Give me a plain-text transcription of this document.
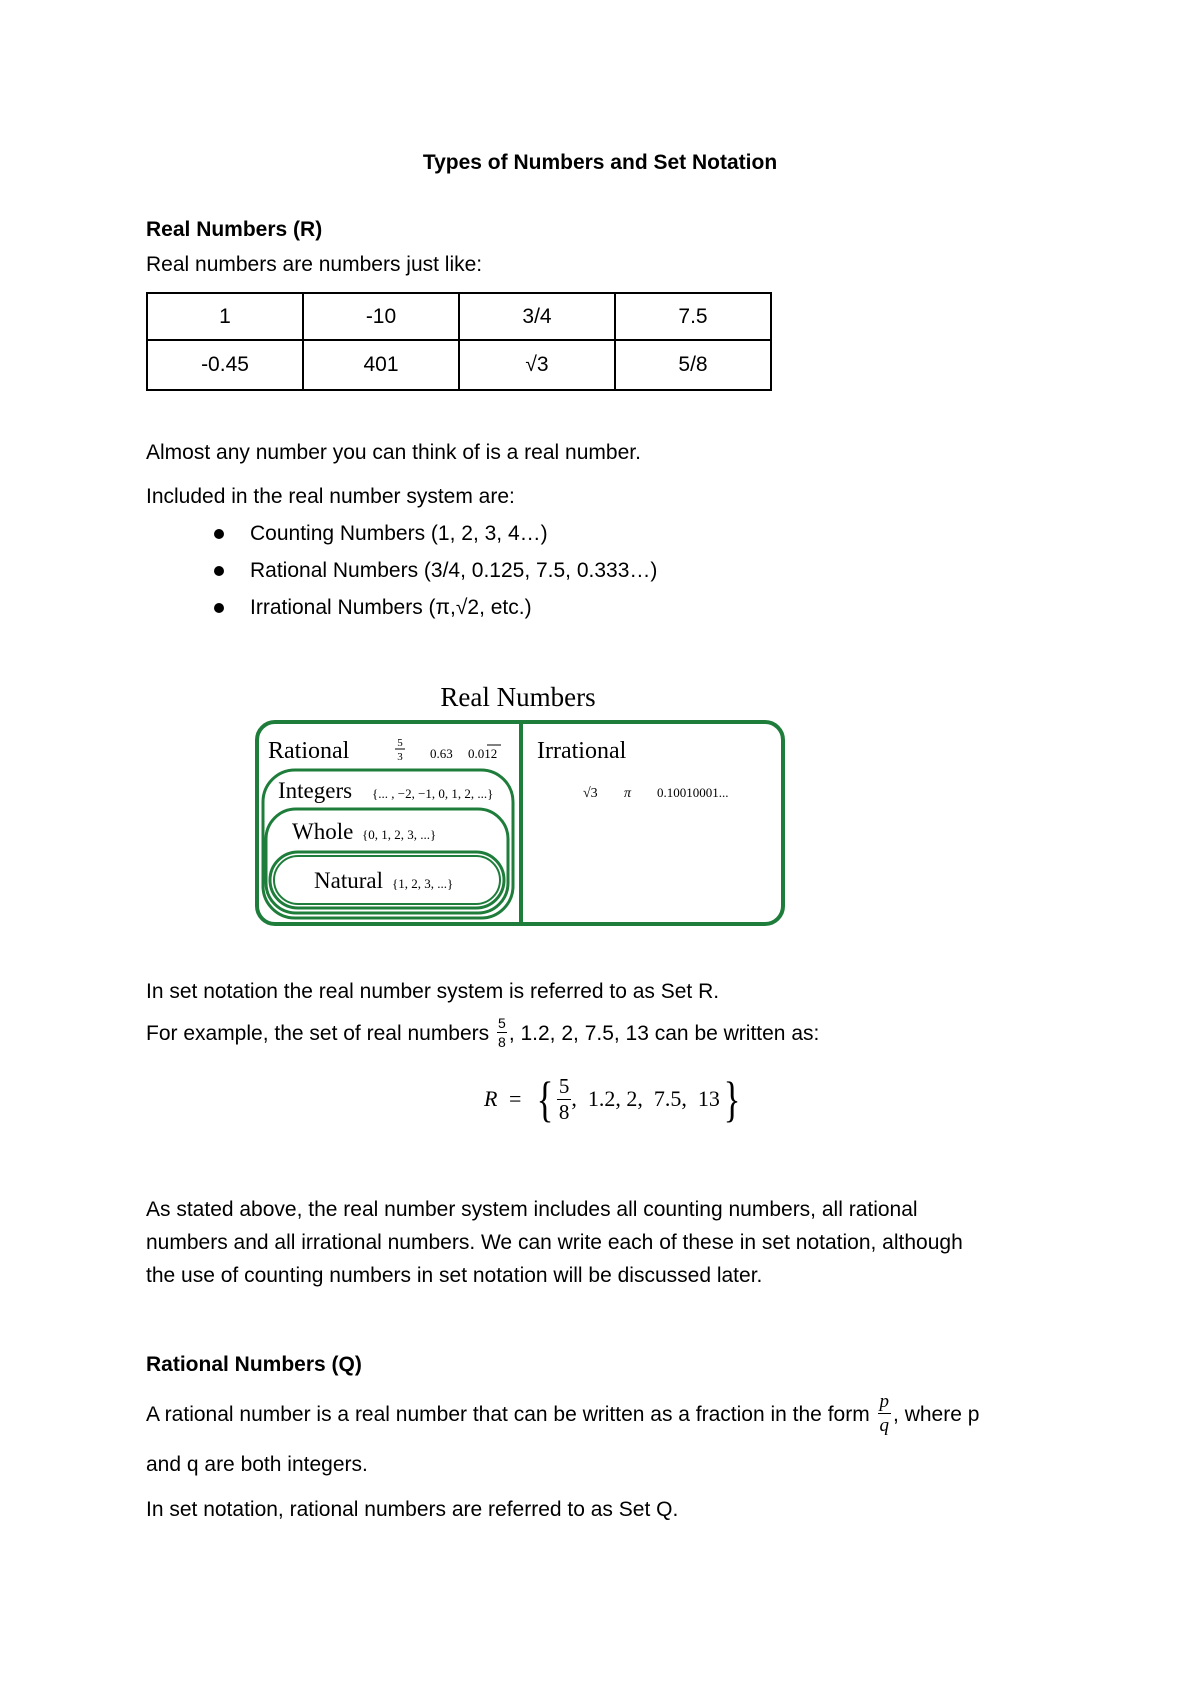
Types of Numbers and Set Notation
Real Numbers (R)
Real numbers are numbers just like:
1	-10	3/4	7.5
-0.45	401	√3	5/8
Almost any number you can think of is a real number.
Included in the real number system are:
Counting Numbers (1, 2, 3, 4…)
Rational Numbers (3/4, 0.125, 7.5, 0.333…)
Irrational Numbers (π,√2, etc.)
Real Numbers
Rational	5
3 0.63 0.012 Irrational
√3 π 0.10010001...
Integers {... , −2, −1, 0, 1, 2, ...}
Whole {0, 1, 2, 3, ...}
Natural {1, 2, 3, ...}
In set notation the real number system is referred to as Set R.
For example, the set of real numbers $\frac{5}{8}$ , 1.2, 2, 7.5, 13 can be written as:
R = { $\frac{5}{8}$ ,  1.2, 2,  7.5,  13}
As stated above, the real number system includes all counting numbers, all rational
numbers and all irrational numbers. We can write each of these in set notation, although
the use of counting numbers in set notation will be discussed later.
Rational Numbers (Q)
A rational number is a real number that can be written as a fraction in the form $\frac{p}{q}$ , where p
and q are both integers.
In set notation, rational numbers are referred to as Set Q.
